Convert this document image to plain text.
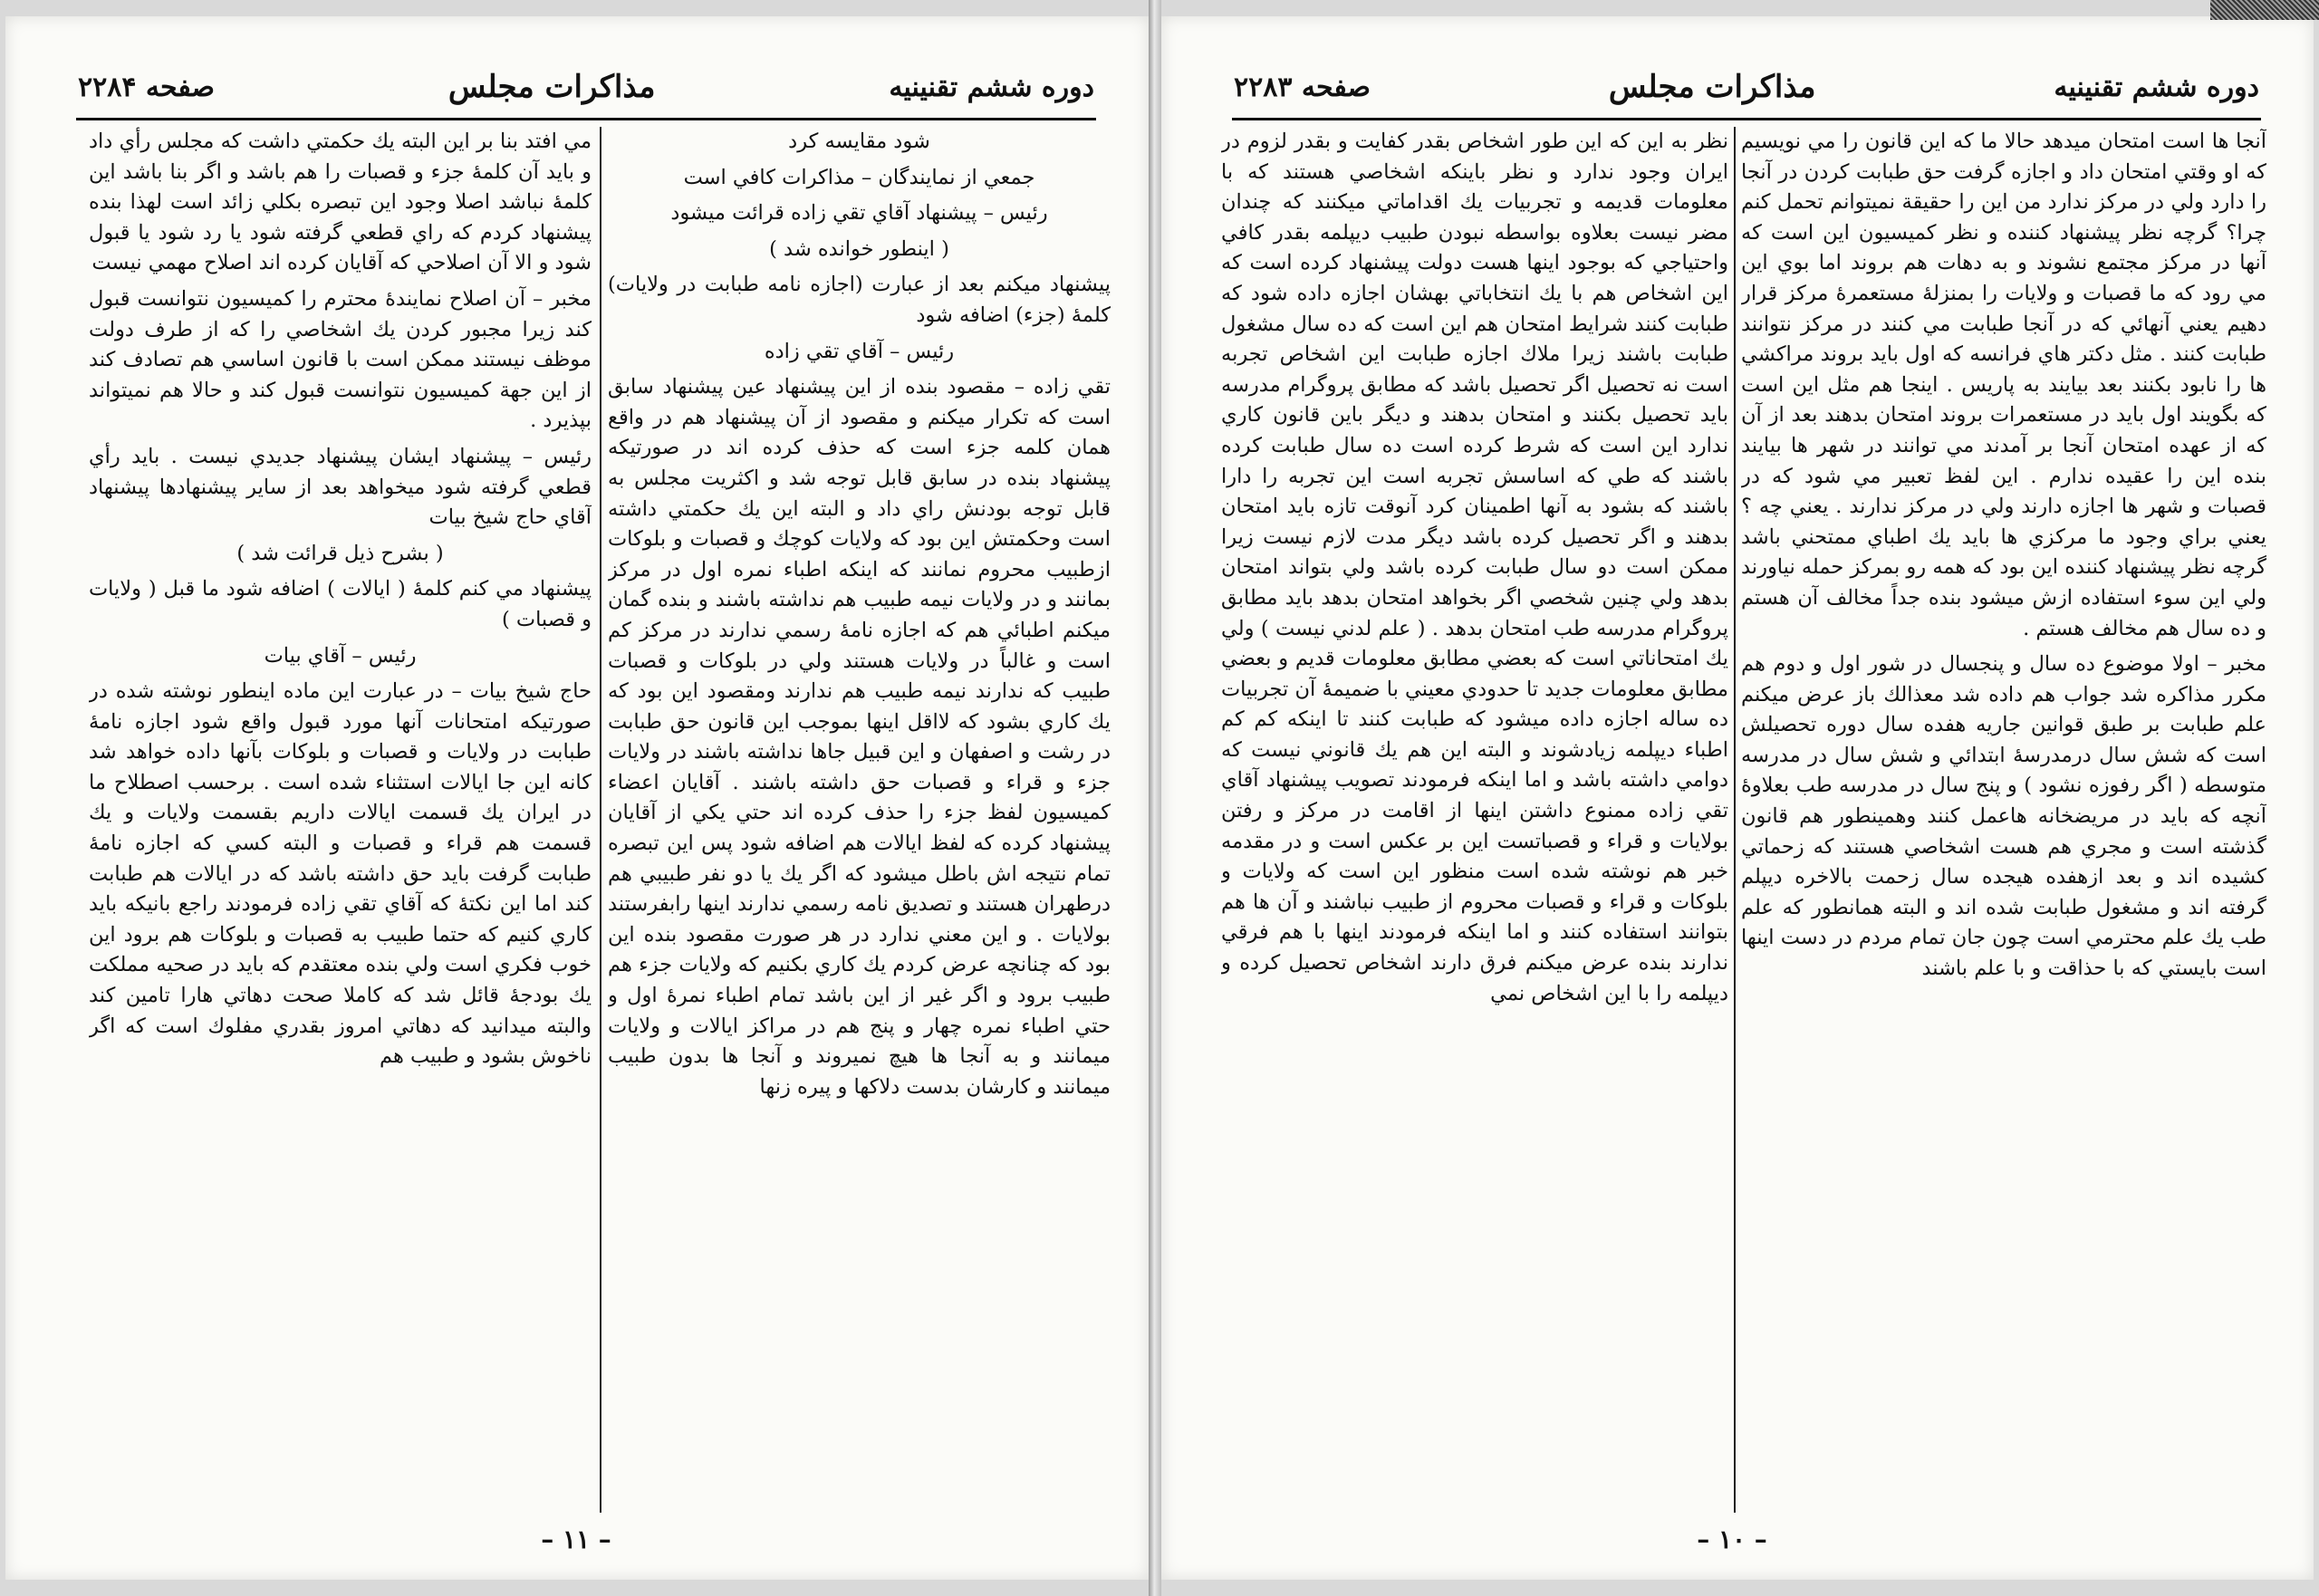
دوره ششم تقنينيه
مذاکرات مجلس
صفحه ۲۲۸۴

شود مقايسه كرد

جمعي از نمايندگان – مذاكرات كافي است

رئيس – پيشنهاد آقاي تقي زاده قرائت ميشود

( اينطور خوانده شد )

پيشنهاد ميكنم بعد از عبارت (اجازه نامه طبابت در ولايات) كلمهٔ (جزء) اضافه شود

رئيس – آقاي تقي زاده

تقي زاده – مقصود بنده از اين پيشنهاد عين پيشنهاد سابق است كه تكرار ميكنم و مقصود از آن پيشنهاد هم در واقع همان كلمه جزء است كه حذف كرده اند در صورتيكه پيشنهاد بنده در سابق قابل توجه شد و اكثريت مجلس به قابل توجه بودنش راي داد و البته اين يك حكمتي داشته است وحكمتش اين بود كه ولايات كوچك و قصبات و بلوكات ازطبيب محروم نمانند كه اينكه اطباء نمره اول در مركز بمانند و در ولايات نيمه طبيب هم نداشته باشند و بنده گمان ميكنم اطبائي هم كه اجازه نامهٔ رسمي ندارند در مركز كم است و غالباً در ولايات هستند ولي در بلوكات و قصبات طبيب كه ندارند نيمه طبيب هم ندارند ومقصود اين بود كه يك كاري بشود كه لااقل اينها بموجب اين قانون حق طبابت در رشت و اصفهان و اين قبيل جاها نداشته باشند در ولايات جزء و قراء و قصبات حق داشته باشند . آقايان اعضاء كميسيون لفظ جزء را حذف كرده اند حتي يكي از آقايان پيشنهاد كرده كه لفظ ايالات هم اضافه شود پس اين تبصره تمام نتيجه اش باطل ميشود كه اگر يك يا دو نفر طبيبي هم درطهران هستند و تصديق نامه رسمي ندارند اينها رابفرستند بولايات . و اين معني ندارد در هر صورت مقصود بنده اين بود كه چنانچه عرض كردم يك كاري بكنيم كه ولايات جزء هم طبيب برود و اگر غير از اين باشد تمام اطباء نمرهٔ اول و حتي اطباء نمره چهار و پنج هم در مراكز ايالات و ولايات ميمانند و به آنجا ها هيچ نميروند و آنجا ها بدون طبيب ميمانند و كارشان بدست دلاكها و پيره زنها

مي افتد بنا بر اين البته يك حكمتي داشت كه مجلس رأي داد و بايد آن كلمهٔ جزء و قصبات را هم باشد و اگر بنا باشد اين كلمهٔ نباشد اصلا وجود اين تبصره بكلي زائد است لهذا بنده پيشنهاد كردم كه راي قطعي گرفته شود يا رد شود يا قبول شود و الا آن اصلاحي كه آقايان كرده اند اصلاح مهمي نيست

مخبر – آن اصلاح نمايندهٔ محترم را كميسيون نتوانست قبول كند زيرا مجبور كردن يك اشخاصي را كه از طرف دولت موظف نيستند ممكن است با قانون اساسي هم تصادف كند از اين جهة كميسيون نتوانست قبول كند و حالا هم نميتواند بپذيرد .

رئيس – پيشنهاد ايشان پيشنهاد جديدي نيست . بايد رأي قطعي گرفته شود ميخواهد بعد از ساير پيشنهادها پيشنهاد آقاي حاج شيخ بيات

( بشرح ذيل قرائت شد )

پيشنهاد مي كنم كلمهٔ ( ايالات ) اضافه شود ما قبل ( ولايات و قصبات )

رئيس – آقاي بيات

حاج شيخ بيات – در عبارت اين ماده اينطور نوشته شده در صورتيكه امتحانات آنها مورد قبول واقع شود اجازه نامهٔ طبابت در ولايات و قصبات و بلوكات بآنها داده خواهد شد كانه اين جا ايالات استثناء شده است . برحسب اصطلاح ما در ايران يك قسمت ايالات داريم بقسمت ولايات و يك قسمت هم قراء و قصبات و البته كسي كه اجازه نامهٔ طبابت گرفت بايد حق داشته باشد كه در ايالات هم طبابت كند اما اين نكتهٔ كه آقاي تقي زاده فرمودند راجع بانيكه بايد كاري كنيم كه حتما طبيب به قصبات و بلوكات هم برود اين خوب فكري است ولي بنده معتقدم كه بايد در صحيه مملكت يك بودجهٔ قائل شد كه كاملا صحت دهاتي هارا تامين كند والبته ميدانيد كه دهاتي امروز بقدري مفلوك است كه اگر ناخوش بشود و طبيب هم

– ١١ –
دوره ششم تقنينيه
مذاکرات مجلس
صفحه ۲۲۸۳

آنجا ها است امتحان ميدهد حالا ما كه اين قانون را مي نويسيم كه او وقتي امتحان داد و اجازه گرفت حق طبابت كردن در آنجا را دارد ولي در مركز ندارد من اين را حقيقة نميتوانم تحمل كنم چرا؟ گرچه نظر پيشنهاد كننده و نظر كميسيون اين است كه آنها در مركز مجتمع نشوند و به دهات هم بروند اما بوي اين مي رود كه ما قصبات و ولايات را بمنزلهٔ مستعمرهٔ مركز قرار دهيم يعني آنهائي كه در آنجا طبابت مي كنند در مركز نتوانند طبابت كنند . مثل دكتر هاي فرانسه كه اول بايد بروند مراكشي ها را نابود بكنند بعد بيايند به پاريس . اينجا هم مثل اين است كه بگويند اول بايد در مستعمرات بروند امتحان بدهند بعد از آن كه از عهده امتحان آنجا بر آمدند مي توانند در شهر ها بيايند بنده اين را عقيده ندارم . اين لفظ تعبير مي شود كه در قصبات و شهر ها اجازه دارند ولي در مركز ندارند . يعني چه ؟ يعني براي وجود ما مركزي ها بايد يك اطباي ممتحني باشد گرچه نظر پيشنهاد كننده اين بود كه همه رو بمركز حمله نياورند ولي اين سوء استفاده ازش ميشود بنده جداً مخالف آن هستم و ده سال هم مخالف هستم .

مخبر – اولا موضوع ده سال و پنجسال در شور اول و دوم هم مكرر مذاكره شد جواب هم داده شد معذالك باز عرض ميكنم علم طبابت بر طبق قوانين جاريه هفده سال دوره تحصيلش است كه شش سال درمدرسهٔ ابتدائي و شش سال در مدرسه متوسطه ( اگر رفوزه نشود ) و پنج سال در مدرسه طب بعلاوهٔ آنچه كه بايد در مريضخانه هاعمل كنند وهمينطور هم قانون گذشته است و مجري هم هست اشخاصي هستند كه زحماتي كشيده اند و بعد ازهفده هيجده سال زحمت بالاخره ديپلم گرفته اند و مشغول طبابت شده اند و البته همانطور كه علم طب يك علم محترمي است چون جان تمام مردم در دست اينها است بايستي كه با حذاقت و با علم باشند

نظر به اين كه اين طور اشخاص بقدر كفايت و بقدر لزوم در ايران وجود ندارد و نظر باينكه اشخاصي هستند كه با معلومات قديمه و تجربيات يك اقداماتي ميكنند كه چندان مضر نيست بعلاوه بواسطه نبودن طبيب ديپلمه بقدر كافي واحتياجي كه بوجود اينها هست دولت پيشنهاد كرده است كه اين اشخاص هم با يك انتخاباتي بهشان اجازه داده شود كه طبابت كنند شرايط امتحان هم اين است كه ده سال مشغول طبابت باشند زيرا ملاك اجازه طبابت اين اشخاص تجربه است نه تحصيل اگر تحصيل باشد كه مطابق پروگرام مدرسه بايد تحصيل بكنند و امتحان بدهند و ديگر باين قانون كاري ندارد اين است كه شرط كرده است ده سال طبابت كرده باشند كه طي كه اساسش تجربه است اين تجربه را دارا باشند كه بشود به آنها اطمينان كرد آنوقت تازه بايد امتحان بدهند و اگر تحصيل كرده باشد ديگر مدت لازم نيست زيرا ممكن است دو سال طبابت كرده باشد ولي بتواند امتحان بدهد ولي چنين شخصي اگر بخواهد امتحان بدهد بايد مطابق پروگرام مدرسه طب امتحان بدهد . ( علم لدني نيست ) ولي يك امتحاناتي است كه بعضي مطابق معلومات قديم و بعضي مطابق معلومات جديد تا حدودي معيني با ضميمهٔ آن تجربيات ده ساله اجازه داده ميشود كه طبابت كنند تا اينكه كم كم اطباء ديپلمه زيادشوند و البته اين هم يك قانوني نيست كه دوامي داشته باشد و اما اينكه فرمودند تصويب پيشنهاد آقاي تقي زاده ممنوع داشتن اينها از اقامت در مركز و رفتن بولايات و قراء و قصباتست اين بر عكس است و در مقدمه خبر هم نوشته شده است منظور اين است كه ولايات و بلوكات و قراء و قصبات محروم از طبيب نباشند و آن ها هم بتوانند استفاده كنند و اما اينكه فرمودند اينها با هم فرقي ندارند بنده عرض ميكنم فرق دارند اشخاص تحصيل كرده و ديپلمه را با اين اشخاص نمي

– ١٠ –
